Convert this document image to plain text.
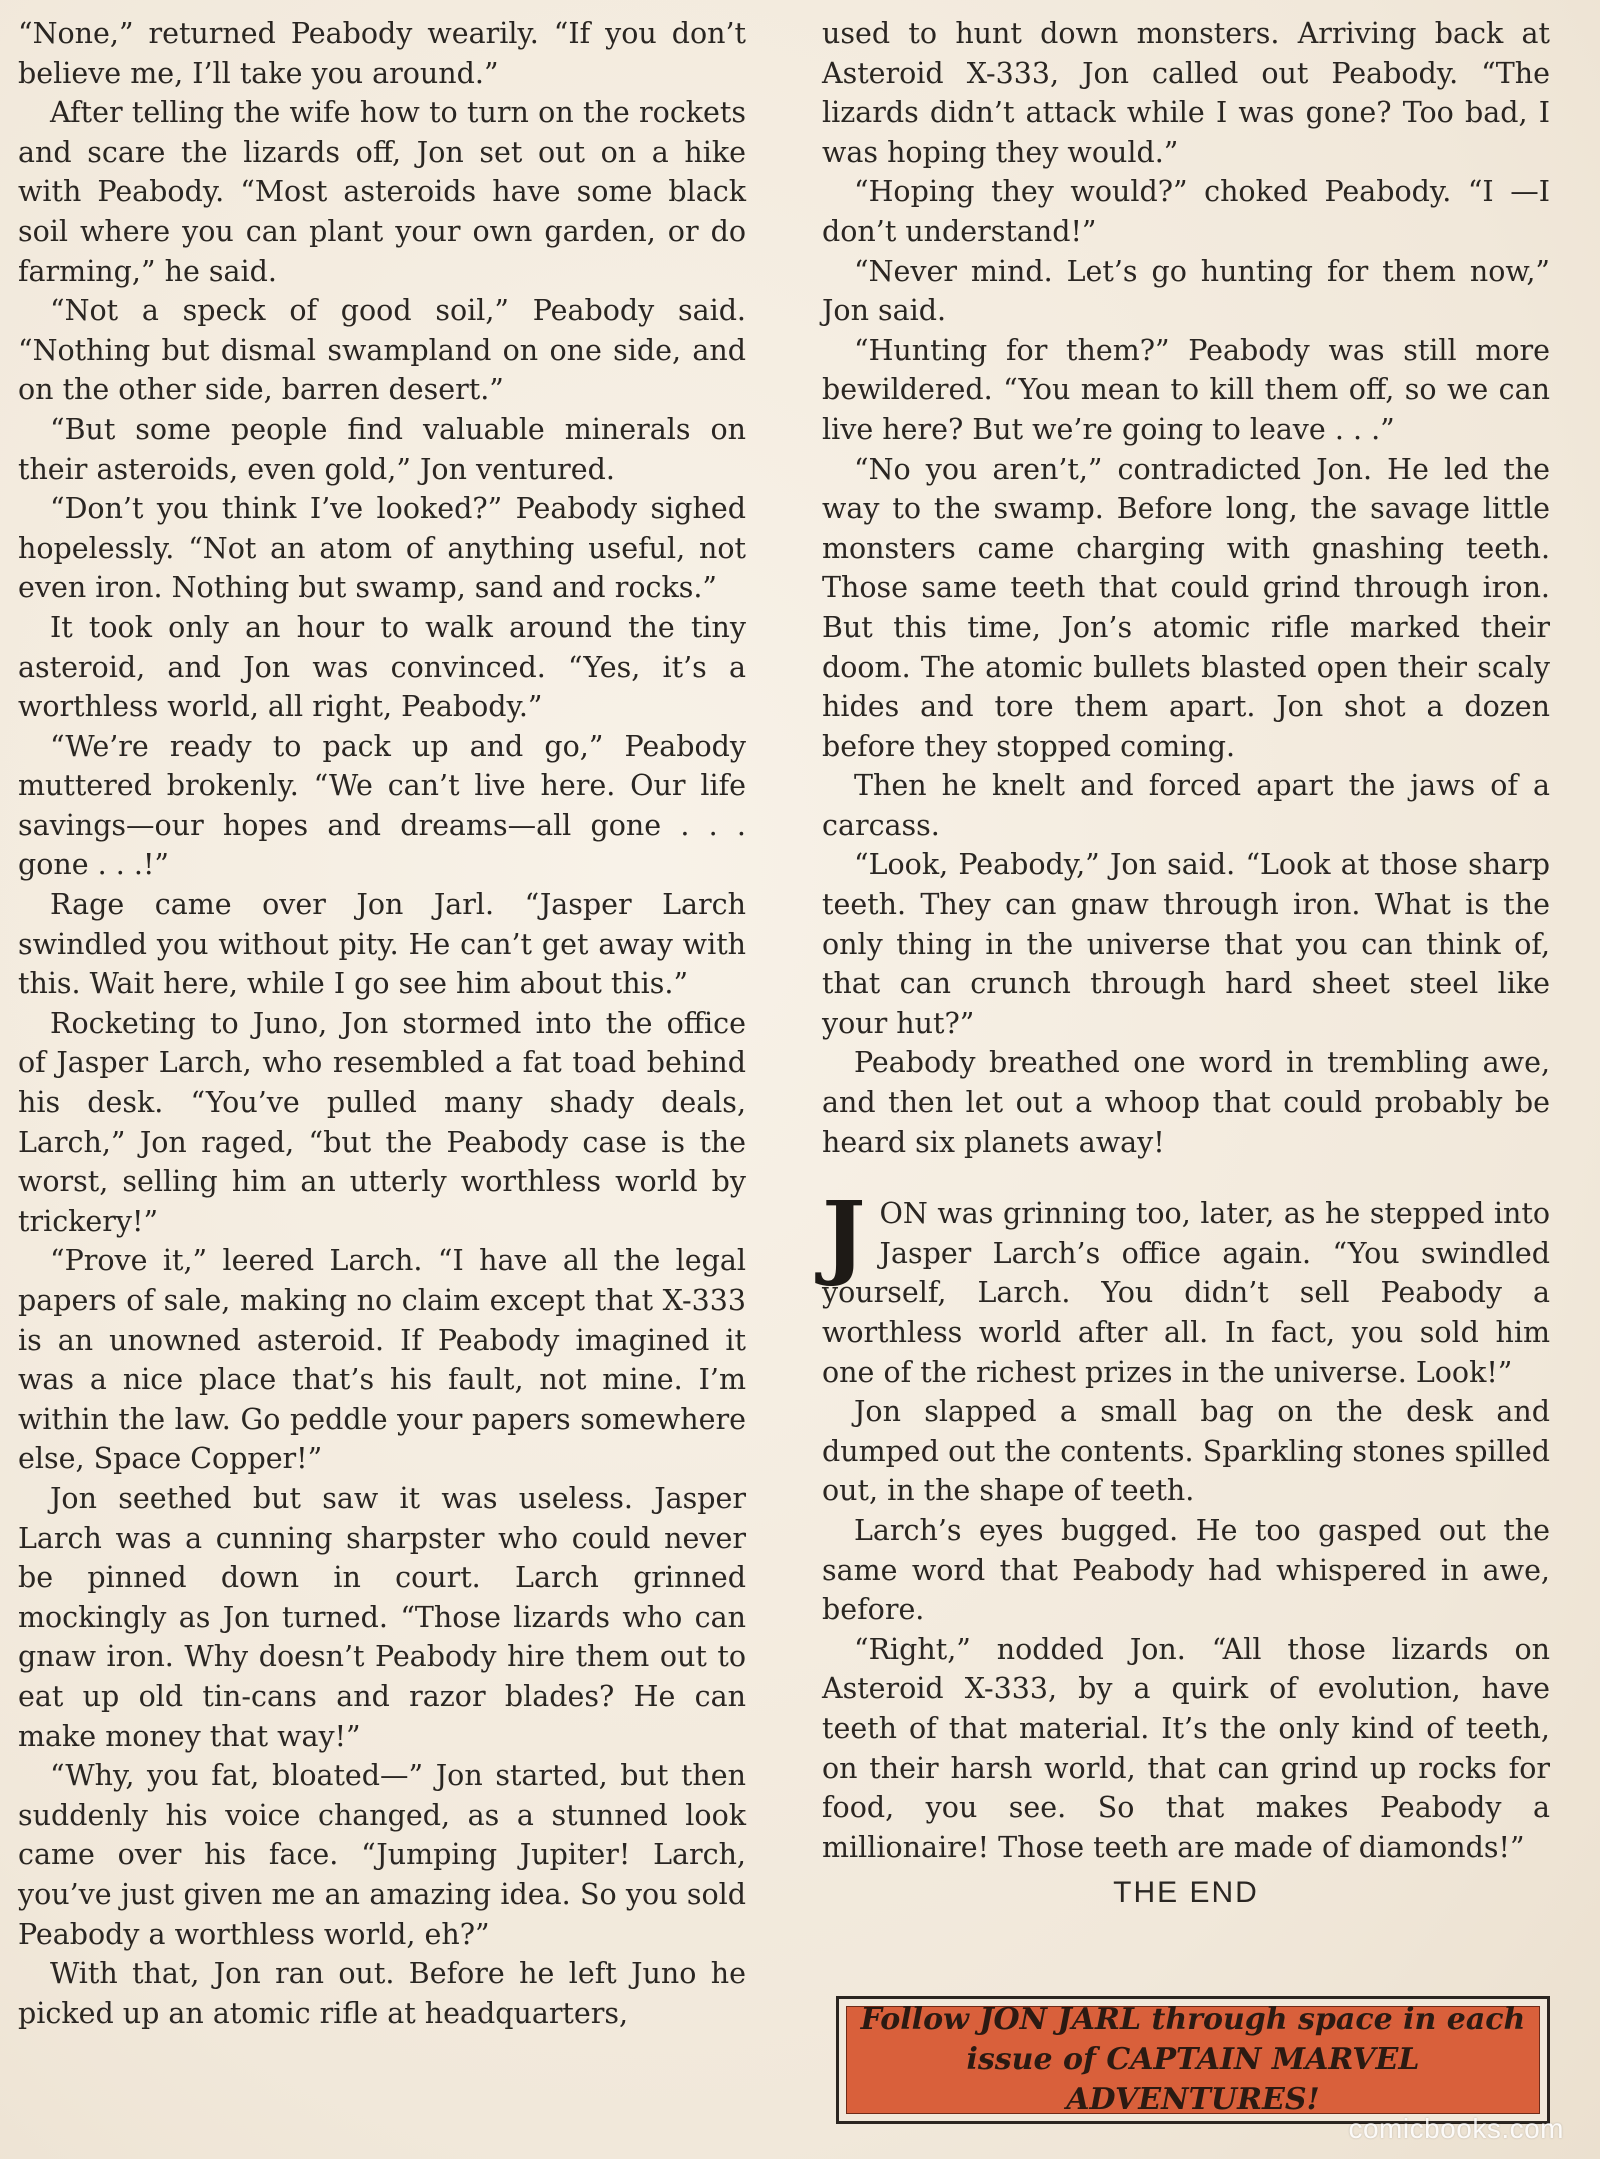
“None,” returned Peabody wearily. “If you don’t believe me, I’ll take you around.”

After telling the wife how to turn on the rockets and scare the lizards off, Jon set out on a hike with Peabody. “Most asteroids have some black soil where you can plant your own garden, or do farming,” he said.

“Not a speck of good soil,” Peabody said. “Nothing but dismal swampland on one side, and on the other side, barren desert.”

“But some people find valuable minerals on their asteroids, even gold,” Jon ventured.

“Don’t you think I’ve looked?” Peabody sighed hopelessly. “Not an atom of anything useful, not even iron. Nothing but swamp, sand and rocks.”

It took only an hour to walk around the tiny asteroid, and Jon was convinced. “Yes, it’s a worthless world, all right, Peabody.”

“We’re ready to pack up and go,” Peabody muttered brokenly. “We can’t live here. Our life savings—our hopes and dreams—all gone . . . gone . . .!”

Rage came over Jon Jarl. “Jasper Larch swindled you without pity. He can’t get away with this. Wait here, while I go see him about this.”

Rocketing to Juno, Jon stormed into the office of Jasper Larch, who resembled a fat toad behind his desk. “You’ve pulled many shady deals, Larch,” Jon raged, “but the Peabody case is the worst, selling him an utterly worthless world by trickery!”

“Prove it,” leered Larch. “I have all the legal papers of sale, making no claim except that X-333 is an unowned asteroid. If Peabody imagined it was a nice place that’s his fault, not mine. I’m within the law. Go peddle your papers somewhere else, Space Copper!”

Jon seethed but saw it was useless. Jasper Larch was a cunning sharpster who could never be pinned down in court. Larch grinned mockingly as Jon turned. “Those lizards who can gnaw iron. Why doesn’t Peabody hire them out to eat up old tin-cans and razor blades? He can make money that way!”

“Why, you fat, bloated—” Jon started, but then suddenly his voice changed, as a stunned look came over his face. “Jumping Jupiter! Larch, you’ve just given me an amazing idea. So you sold Peabody a worthless world, eh?”

With that, Jon ran out. Before he left Juno he picked up an atomic rifle at headquarters,

used to hunt down monsters. Arriving back at Asteroid X-333, Jon called out Peabody. “The lizards didn’t attack while I was gone? Too bad, I was hoping they would.”

“Hoping they would?” choked Peabody. “I —I don’t understand!”

“Never mind. Let’s go hunting for them now,” Jon said.

“Hunting for them?” Peabody was still more bewildered. “You mean to kill them off, so we can live here? But we’re going to leave . . .”

“No you aren’t,” contradicted Jon. He led the way to the swamp. Before long, the savage little monsters came charging with gnashing teeth. Those same teeth that could grind through iron. But this time, Jon’s atomic rifle marked their doom. The atomic bullets blasted open their scaly hides and tore them apart. Jon shot a dozen before they stopped coming.

Then he knelt and forced apart the jaws of a carcass.

“Look, Peabody,” Jon said. “Look at those sharp teeth. They can gnaw through iron. What is the only thing in the universe that you can think of, that can crunch through hard sheet steel like your hut?”

Peabody breathed one word in trembling awe, and then let out a whoop that could probably be heard six planets away!

JON was grinning too, later, as he stepped into Jasper Larch’s office again. “You swindled yourself, Larch. You didn’t sell Peabody a worthless world after all. In fact, you sold him one of the richest prizes in the universe. Look!”

Jon slapped a small bag on the desk and dumped out the contents. Sparkling stones spilled out, in the shape of teeth.

Larch’s eyes bugged. He too gasped out the same word that Peabody had whispered in awe, before.

“Right,” nodded Jon. “All those lizards on Asteroid X-333, by a quirk of evolution, have teeth of that material. It’s the only kind of teeth, on their harsh world, that can grind up rocks for food, you see. So that makes Peabody a millionaire! Those teeth are made of diamonds!”

THE END
Follow JON JARL through space in each issue of CAPTAIN MARVEL ADVENTURES!
comicbooks.com
